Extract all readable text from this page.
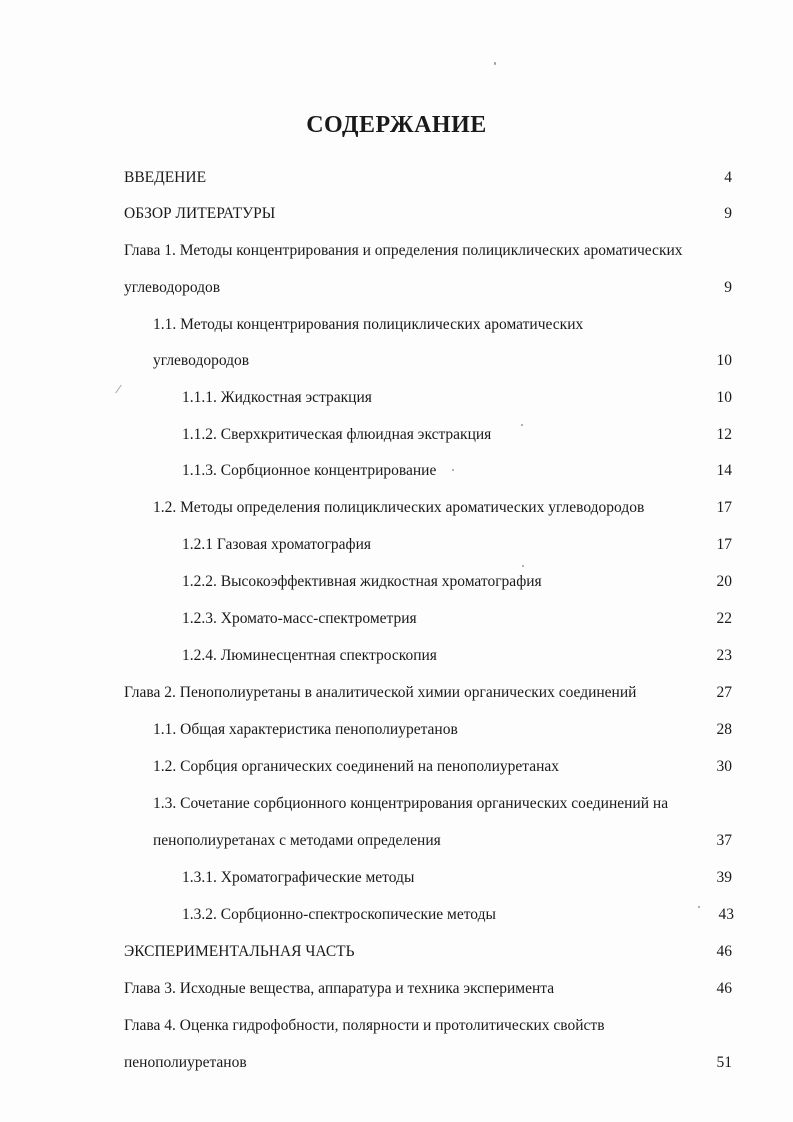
СОДЕРЖАНИЕ
ВВЕДЕНИЕ	4
ОБЗОР ЛИТЕРАТУРЫ	9
Глава 1. Методы концентрирования и определения полициклических ароматических
углеводородов	9
1.1. Методы концентрирования полициклических ароматических
углеводородов	10
1.1.1. Жидкостная эстракция	10
1.1.2. Сверхкритическая флюидная экстракция	12
1.1.3. Сорбционное концентрирование	14
1.2. Методы определения полициклических ароматических углеводородов	17
1.2.1 Газовая хроматография	17
1.2.2. Высокоэффективная жидкостная хроматография	20
1.2.3. Хромато-масс-спектрометрия	22
1.2.4. Люминесцентная спектроскопия	23
Глава 2. Пенополиуретаны в аналитической химии органических соединений	27
1.1. Общая характеристика пенополиуретанов	28
1.2. Сорбция органических соединений на пенополиуретанах	30
1.3. Сочетание сорбционного концентрирования органических соединений на
пенополиуретанах с методами определения	37
1.3.1. Хроматографические методы	39
1.3.2. Сорбционно-спектроскопические методы	43
ЭКСПЕРИМЕНТАЛЬНАЯ ЧАСТЬ	46
Глава 3. Исходные вещества, аппаратура и техника эксперимента	46
Глава 4. Оценка гидрофобности, полярности и протолитических свойств
пенополиуретанов	51
